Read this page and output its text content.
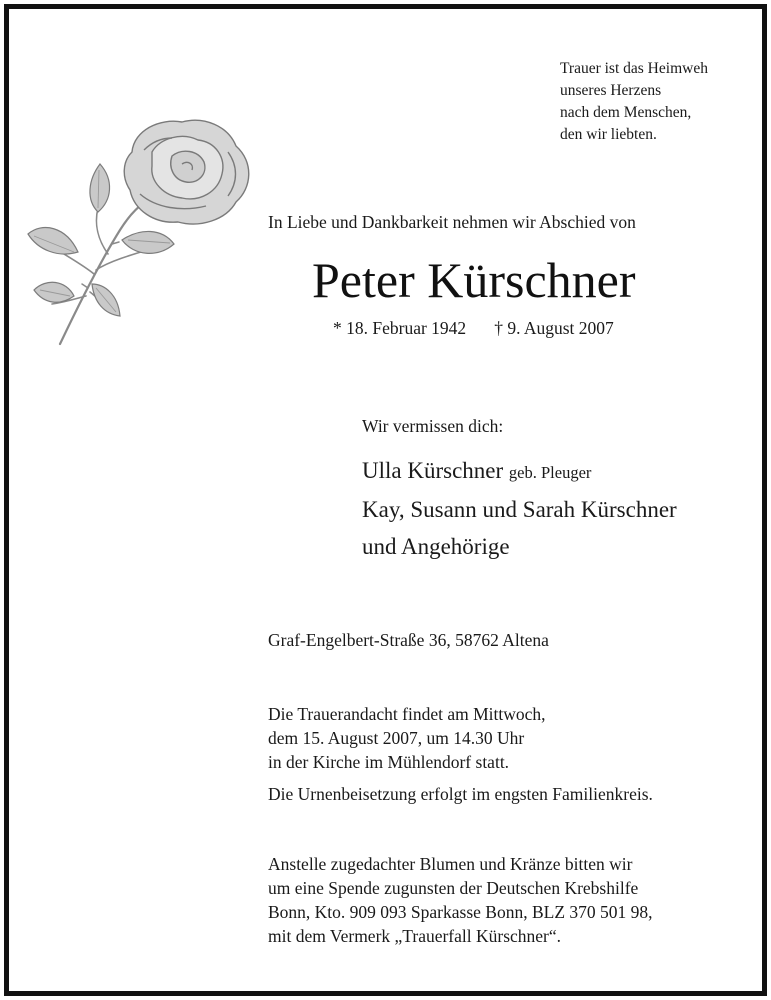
Trauer ist das Heimweh
unseres Herzens
nach dem Menschen,
den wir liebten.
In Liebe und Dankbarkeit nehmen wir Abschied von
Peter Kürschner
* 18. Februar 1942 † 9. August 2007
Wir vermissen dich:
Ulla Kürschner geb. Pleuger
Kay, Susann und Sarah Kürschner
und Angehörige
Graf-Engelbert-Straße 36, 58762 Altena
Die Trauerandacht findet am Mittwoch,
dem 15. August 2007, um 14.30 Uhr
in der Kirche im Mühlendorf statt.
Die Urnenbeisetzung erfolgt im engsten Familienkreis.
Anstelle zugedachter Blumen und Kränze bitten wir
um eine Spende zugunsten der Deutschen Krebshilfe
Bonn, Kto. 909 093 Sparkasse Bonn, BLZ 370 501 98,
mit dem Vermerk „Trauerfall Kürschner“.
